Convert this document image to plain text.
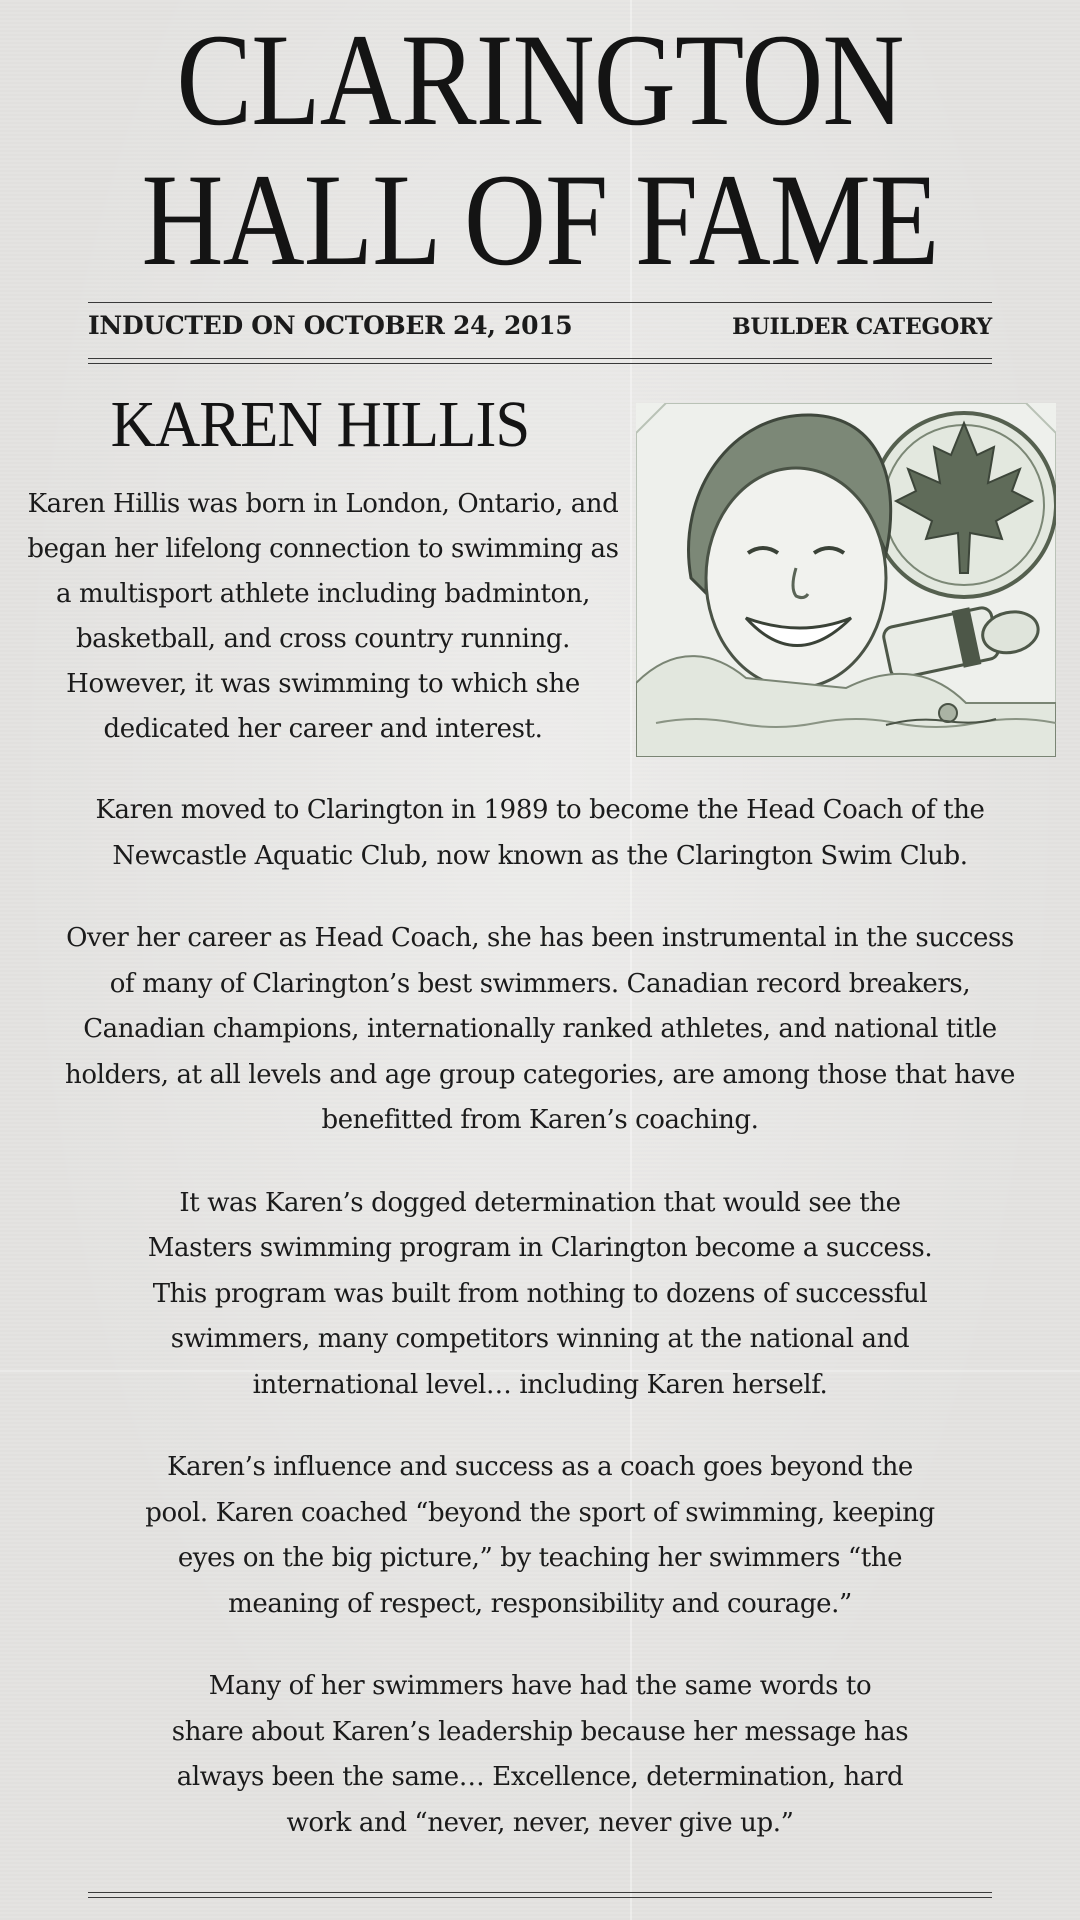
CLARINGTON
HALL OF FAME
INDUCTED ON OCTOBER 24, 2015	BUILDER CATEGORY
KAREN HILLIS

Karen Hillis was born in London, Ontario, and began her lifelong connection to swimming as a multisport athlete including badminton, basketball, and cross country running. However, it was swimming to which she dedicated her career and interest.

Karen moved to Clarington in 1989 to become the Head Coach of the Newcastle Aquatic Club, now known as the Clarington Swim Club.

Over her career as Head Coach, she has been instrumental in the success of many of Clarington’s best swimmers. Canadian record breakers, Canadian champions, internationally ranked athletes, and national title holders, at all levels and age group categories, are among those that have benefitted from Karen’s coaching.

It was Karen’s dogged determination that would see the Masters swimming program in Clarington become a success. This program was built from nothing to dozens of successful swimmers, many competitors winning at the national and international level… including Karen herself.

Karen’s influence and success as a coach goes beyond the pool. Karen coached “beyond the sport of swimming, keeping eyes on the big picture,” by teaching her swimmers “the meaning of respect, responsibility and courage.”

Many of her swimmers have had the same words to share about Karen’s leadership because her message has always been the same… Excellence, determination, hard work and “never, never, never give up.”
